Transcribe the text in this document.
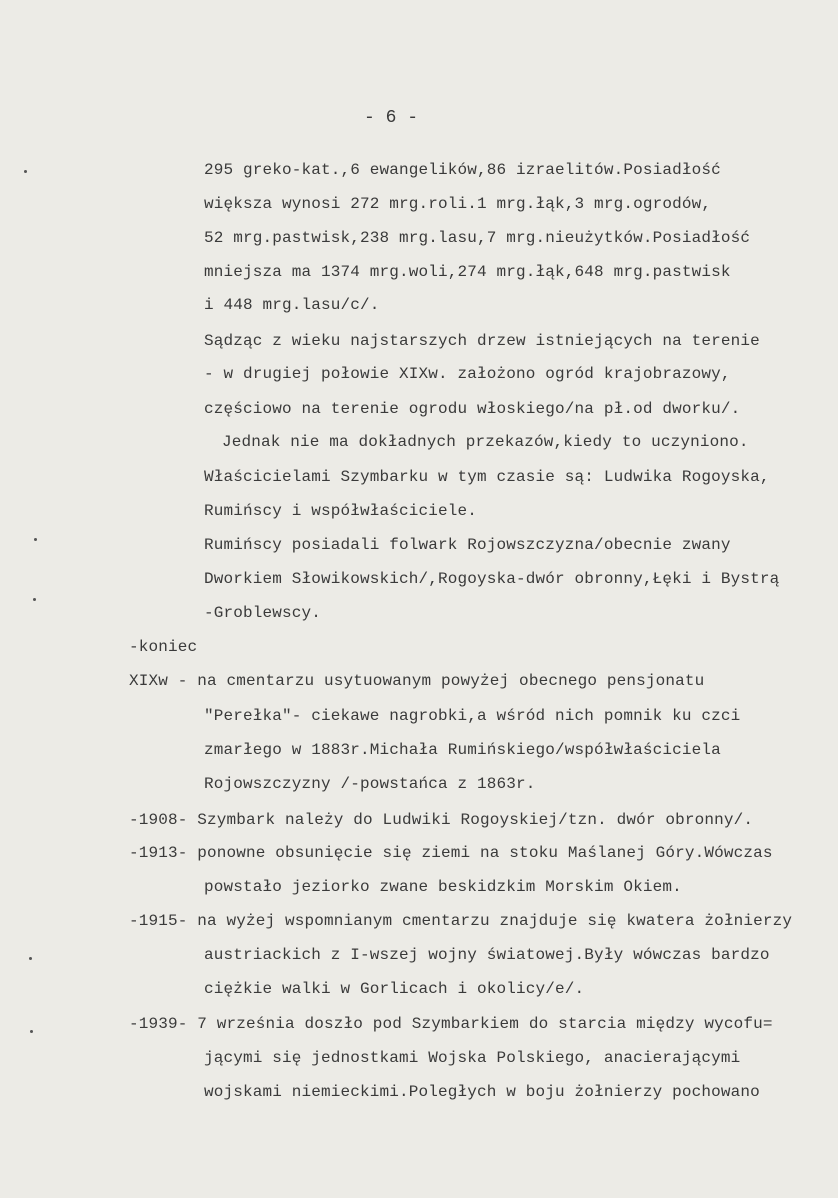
- 6 -
295 greko-kat.,6 ewangelików,86 izraelitów.Posiadłość
większa wynosi 272 mrg.roli.1 mrg.łąk,3 mrg.ogrodów,
52 mrg.pastwisk,238 mrg.lasu,7 mrg.nieużytków.Posiadłość
mniejsza ma 1374 mrg.woli,274 mrg.łąk,648 mrg.pastwisk
i 448 mrg.lasu/c/.
Sądząc z wieku najstarszych drzew istniejących na terenie
- w drugiej połowie XIXw. założono ogród krajobrazowy,
częściowo na terenie ogrodu włoskiego/na pł.od dworku/.
Jednak nie ma dokładnych przekazów,kiedy to uczyniono.
Właścicielami Szymbarku w tym czasie są: Ludwika Rogoyska,
Rumińscy i współwłaściciele.
Rumińscy posiadali folwark Rojowszczyzna/obecnie zwany
Dworkiem Słowikowskich/,Rogoyska-dwór obronny,Łęki i Bystrą
-Groblewscy.
-koniec
XIXw - na cmentarzu usytuowanym powyżej obecnego pensjonatu
"Perełka"- ciekawe nagrobki,a wśród nich pomnik ku czci
zmarłego w 1883r.Michała Rumińskiego/współwłaściciela
Rojowszczyzny /-powstańca z 1863r.
-1908- Szymbark należy do Ludwiki Rogoyskiej/tzn. dwór obronny/.
-1913- ponowne obsunięcie się ziemi na stoku Maślanej Góry.Wówczas
powstało jeziorko zwane beskidzkim Morskim Okiem.
-1915- na wyżej wspomnianym cmentarzu znajduje się kwatera żołnierzy
austriackich z I-wszej wojny światowej.Były wówczas bardzo
ciężkie walki w Gorlicach i okolicy/e/.
-1939- 7 września doszło pod Szymbarkiem do starcia między wycofu=
jącymi się jednostkami Wojska Polskiego, anacierającymi
wojskami niemieckimi.Poległych w boju żołnierzy pochowano
